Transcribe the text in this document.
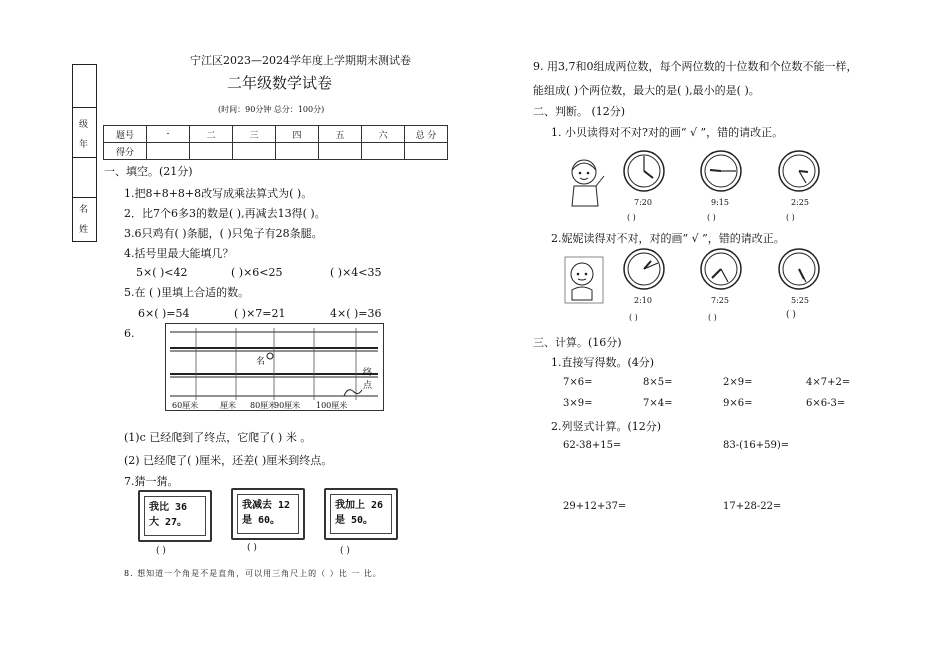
级
年
名
姓
宁江区2023—2024学年度上学期期末测试卷
二年级数学试卷
(时间：90分钟 总分：100分)
题号	-	二	三	四	五	六	总 分
得分							
一、填空。(21分)
1.把8+8+8+8改写成乘法算式为( )。
2．比7个6多3的数是( ),再减去13得( )。
3.6只鸡有( )条腿，( )只兔子有28条腿。
4.括号里最大能填几？
5×( )<42	( )×6<25	( )×4<35
5.在 ( )里填上合适的数。
6×( )=54	( )×7=21	4×( )=36
6.
名
终
点
60厘米	厘米 80厘米
90厘米 100厘米
(1)c 已经爬到了终点，它爬了( ) 米 。
(2) 已经爬了( )厘米，还差( )厘米到终点。
7.猜一猜。
我比 36 大 27。
我减去 12 是 60。
我加上 26 是 50。
( )	( )	( )
8. 想知道一个角是不是直角，可以用三角尺上的（ ）比 一 比。
9. 用3,7和0组成两位数，每个两位数的十位数和个位数不能一样，
能组成( )个两位数，最大的是( ),最小的是( )。
二、判断。 (12分)
1. 小贝读得对不对?对的画“ √ ”，错的请改正。
7:20	9:15	2:25
( )	( )	( )
2.妮妮读得对不对，对的画“ √ ”，错的请改正。
2:10	7:25	5:25
( )	( )	( )
三、计算。(16分)
1.直接写得数。(4分)
7×6=	8×5=	2×9=	4×7+2=
3×9=	7×4=	9×6=	6×6-3=
2.列竖式计算。(12分)
62-38+15=	83-(16+59)=
29+12+37=	17+28-22=
